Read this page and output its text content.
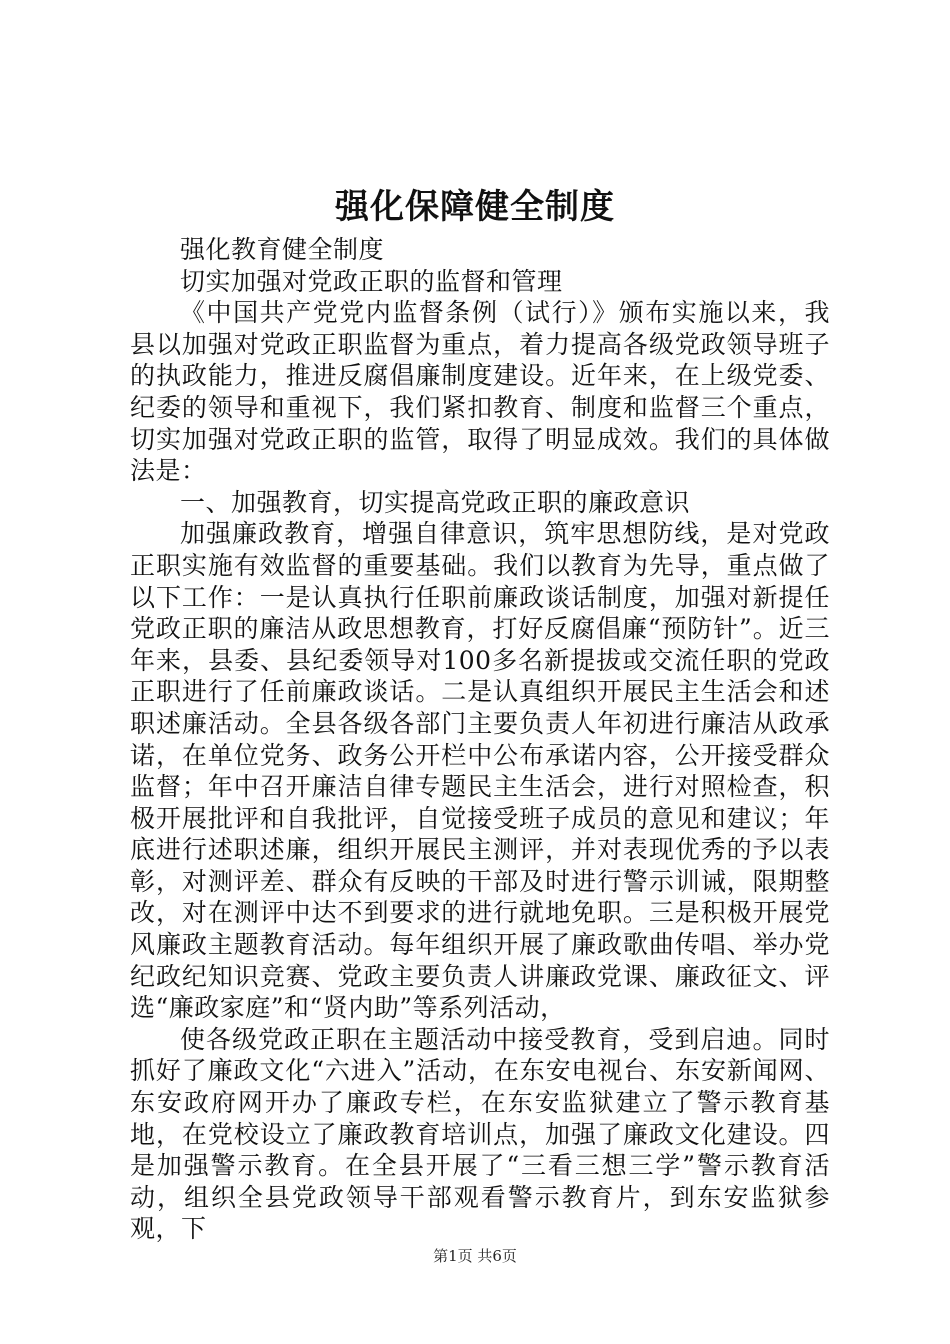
强化保障健全制度

强化教育健全制度

切实加强对党政正职的监督和管理

《中国共产党党内监督条例（试行）》颁布实施以来，我县以加强对党政正职监督为重点，着力提高各级党政领导班子的执政能力，推进反腐倡廉制度建设。近年来，在上级党委、纪委的领导和重视下，我们紧扣教育、制度和监督三个重点，切实加强对党政正职的监管，取得了明显成效。我们的具体做法是：

一、加强教育，切实提高党政正职的廉政意识

加强廉政教育，增强自律意识，筑牢思想防线，是对党政正职实施有效监督的重要基础。我们以教育为先导，重点做了以下工作：一是认真执行任职前廉政谈话制度，加强对新提任党政正职的廉洁从政思想教育，打好反腐倡廉“预防针”。近三年来，县委、县纪委领导对100多名新提拔或交流任职的党政正职进行了任前廉政谈话。二是认真组织开展民主生活会和述职述廉活动。全县各级各部门主要负责人年初进行廉洁从政承诺，在单位党务、政务公开栏中公布承诺内容，公开接受群众监督；年中召开廉洁自律专题民主生活会，进行对照检查，积极开展批评和自我批评，自觉接受班子成员的意见和建议；年底进行述职述廉，组织开展民主测评，并对表现优秀的予以表彰，对测评差、群众有反映的干部及时进行警示训诫，限期整改，对在测评中达不到要求的进行就地免职。三是积极开展党风廉政主题教育活动。每年组织开展了廉政歌曲传唱、举办党纪政纪知识竞赛、党政主要负责人讲廉政党课、廉政征文、评选“廉政家庭”和“贤内助”等系列活动，

使各级党政正职在主题活动中接受教育，受到启迪。同时抓好了廉政文化“六进入”活动，在东安电视台、东安新闻网、东安政府网开办了廉政专栏，在东安监狱建立了警示教育基地，在党校设立了廉政教育培训点，加强了廉政文化建设。四是加强警示教育。在全县开展了“三看三想三学”警示教育活动，组织全县党政领导干部观看警示教育片，到东安监狱参观，下

第1页 共6页
